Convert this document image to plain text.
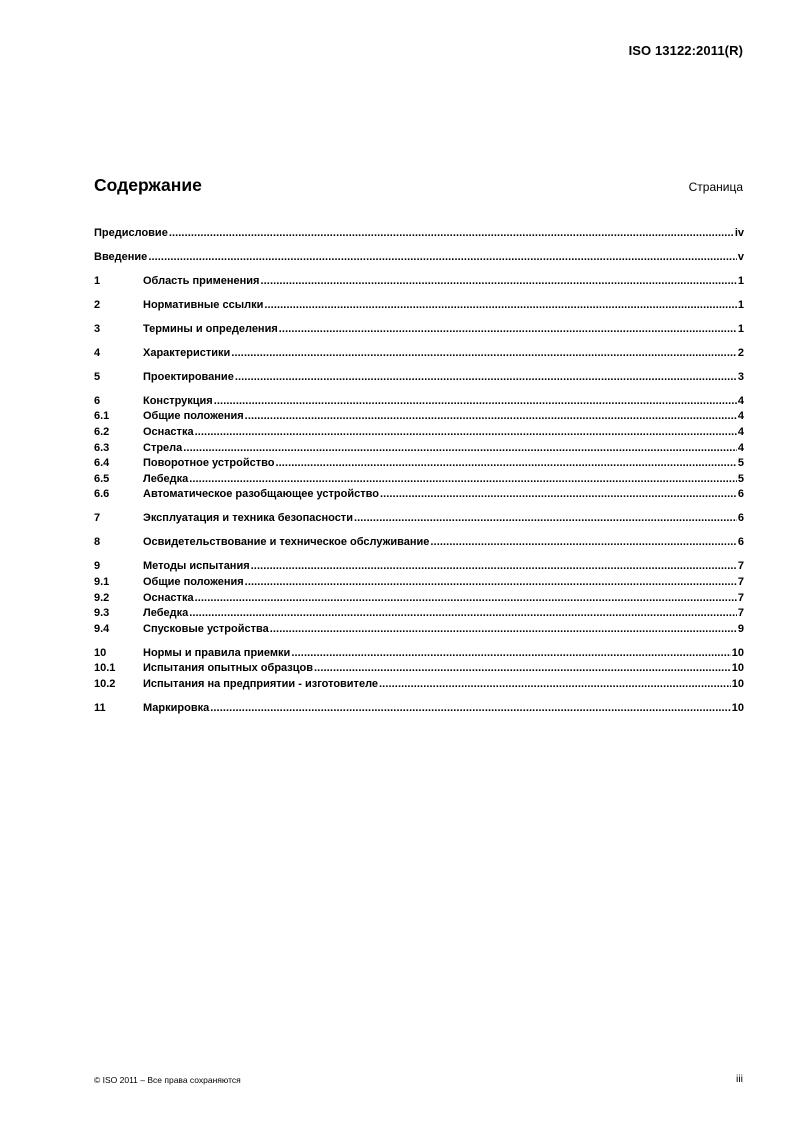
ISO 13122:2011(R)
Содержание	Страница
Предисловие .....	iv
Введение .....	v
1	Область применения .....	1
2	Нормативные ссылки .....	1
3	Термины и определения .....	1
4	Характеристики .....	2
5	Проектирование .....	3
6	Конструкция .....	4
6.1	Общие положения .....	4
6.2	Оснастка .....	4
6.3	Стрела .....	4
6.4	Поворотное устройство .....	5
6.5	Лебедка .....	5
6.6	Автоматическое разобщающее устройство .....	6
7	Эксплуатация и техника безопасности .....	6
8	Освидетельствование и техническое обслуживание .....	6
9	Методы испытания .....	7
9.1	Общие положения .....	7
9.2	Оснастка .....	7
9.3	Лебедка .....	7
9.4	Спусковые устройства .....	9
10	Нормы и правила приемки .....	10
10.1	Испытания опытных образцов .....	10
10.2	Испытания на предприятии - изготовителе .....	10
11	Маркировка .....	10
© ISO 2011 – Все права сохраняются	iii
